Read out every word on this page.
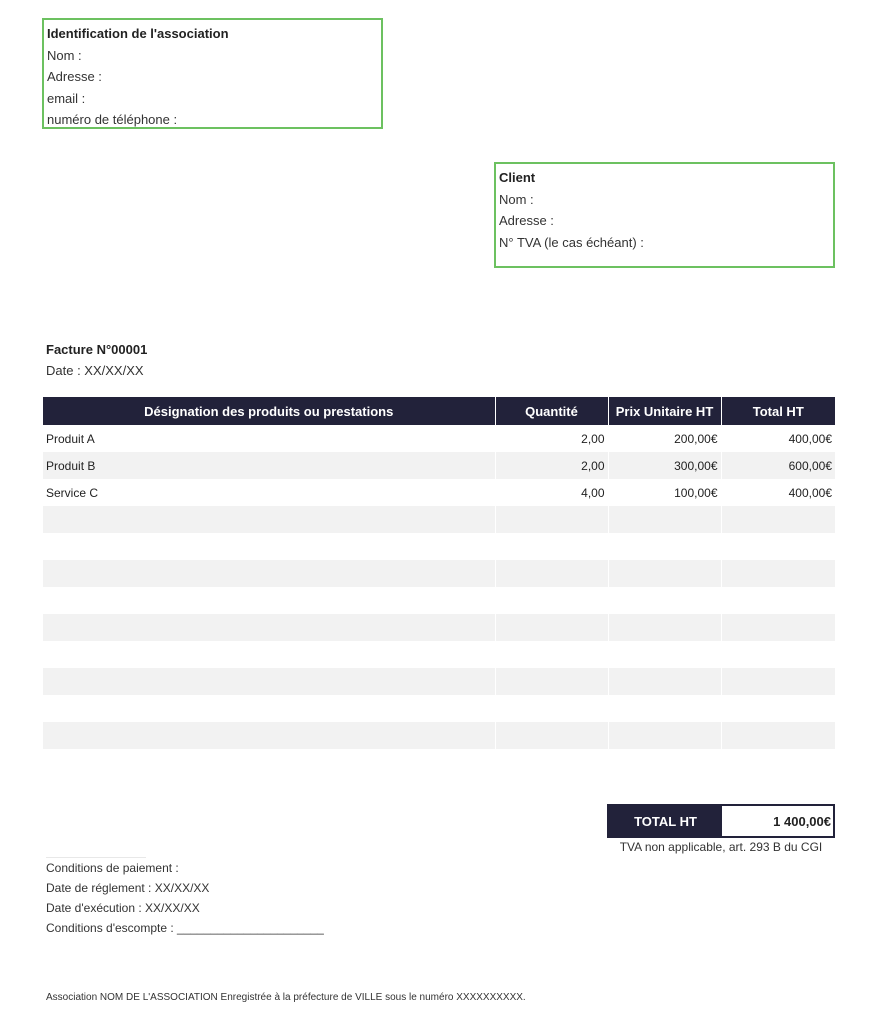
Identification de l'association
Nom :
Adresse :
email :
numéro de téléphone :
Client
Nom :
Adresse :
N° TVA (le cas échéant) :
Facture N°00001
Date : XX/XX/XX
Désignation des produits ou prestations	Quantité	Prix Unitaire HT	Total HT
Produit A	2,00	200,00€	400,00€
Produit B	2,00	300,00€	600,00€
Service C	4,00	100,00€	400,00€

TOTAL HT	1 400,00€
TVA non applicable, art. 293 B du CGI
Conditions de paiement :
Date de réglement : XX/XX/XX
Date d'exécution : XX/XX/XX
Conditions d'escompte : ______________________
Association NOM DE L'ASSOCIATION Enregistrée à la préfecture de VILLE sous le numéro XXXXXXXXXX.
